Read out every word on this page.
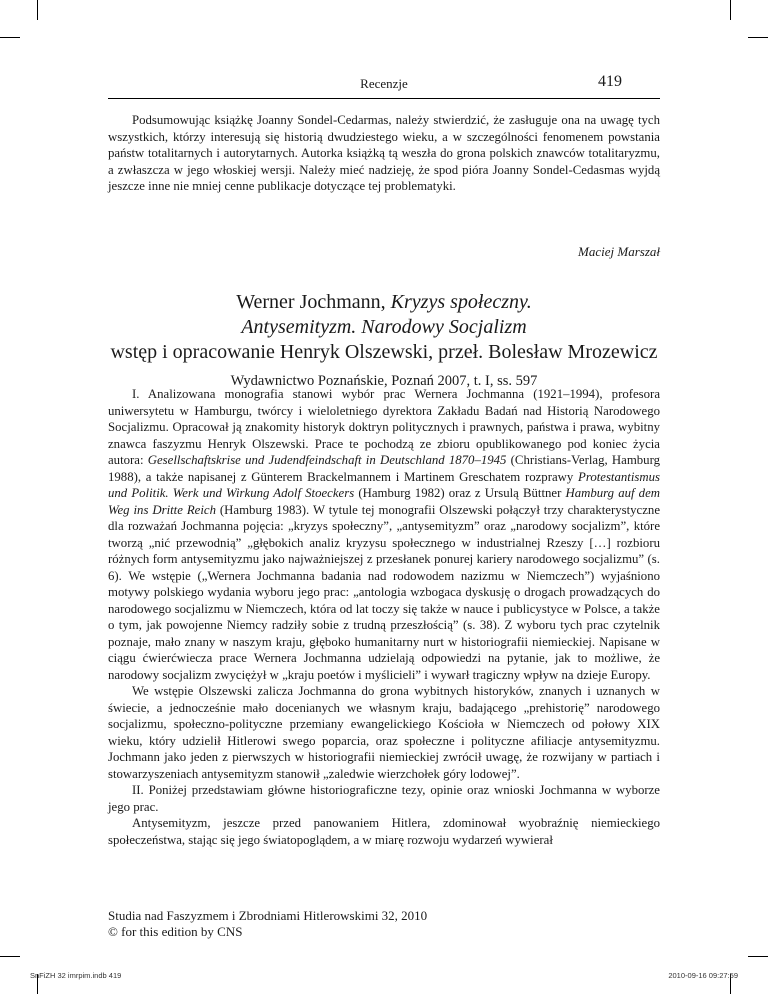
Recenzje	419

Podsumowując książkę Joanny Sondel-Cedarmas, należy stwierdzić, że zasługuje ona na uwagę tych wszystkich, którzy interesują się historią dwudziestego wieku, a w szczególności fenomenem powstania państw totalitarnych i autorytarnych. Autorka książką tą weszła do grona polskich znawców totalitaryzmu, a zwłaszcza w jego włoskiej wersji. Należy mieć nadzieję, że spod pióra Joanny Sondel-Cedasmas wyjdą jeszcze inne nie mniej cenne publikacje dotyczące tej problematyki.

Maciej Marszał
Werner Jochmann, Kryzys społeczny.
Antysemityzm. Narodowy Socjalizm
wstęp i opracowanie Henryk Olszewski, przeł. Bolesław Mrozewicz
Wydawnictwo Poznańskie, Poznań 2007, t. I, ss. 597

I. Analizowana monografia stanowi wybór prac Wernera Jochmanna (1921–1994), profesora uniwersytetu w Hamburgu, twórcy i wieloletniego dyrektora Zakładu Badań nad Historią Narodowego Socjalizmu. Opracował ją znakomity historyk doktryn politycznych i prawnych, państwa i prawa, wybitny znawca faszyzmu Henryk Olszewski. Prace te pochodzą ze zbioru opublikowanego pod koniec życia autora: Gesellschaftskrise und Judendfeindschaft in Deutschland 1870–1945 (Christians-Verlag, Hamburg 1988), a także napisanej z Günterem Brackelmannem i Martinem Greschatem rozprawy Protestantismus und Politik. Werk und Wirkung Adolf Stoeckers (Hamburg 1982) oraz z Ursulą Büttner Hamburg auf dem Weg ins Dritte Reich (Hamburg 1983). W tytule tej monografii Olszewski połączył trzy charakterystyczne dla rozważań Jochmanna pojęcia: „kryzys społeczny”, „antysemityzm” oraz „narodowy socjalizm”, które tworzą „nić przewodnią” „głębokich analiz kryzysu społecznego w industrialnej Rzeszy […] rozbioru różnych form antysemityzmu jako najważniejszej z przesłanek ponurej kariery narodowego socjalizmu” (s. 6). We wstępie („Wernera Jochmanna badania nad rodowodem nazizmu w Niemczech”) wyjaśniono motywy polskiego wydania wyboru jego prac: „antologia wzbogaca dyskusję o drogach prowadzących do narodowego socjalizmu w Niemczech, która od lat toczy się także w nauce i publicystyce w Polsce, a także o tym, jak powojenne Niemcy radziły sobie z trudną przeszłością” (s. 38). Z wyboru tych prac czytelnik poznaje, mało znany w naszym kraju, głęboko humanitarny nurt w historiografii niemieckiej. Napisane w ciągu ćwierćwiecza prace Wernera Jochmanna udzielają odpowiedzi na pytanie, jak to możliwe, że narodowy socjalizm zwyciężył w „kraju poetów i myślicieli” i wywarł tragiczny wpływ na dzieje Europy.

We wstępie Olszewski zalicza Jochmanna do grona wybitnych historyków, znanych i uznanych w świecie, a jednocześnie mało docenianych we własnym kraju, badającego „prehistorię” narodowego socjalizmu, społeczno-polityczne przemiany ewangelickiego Kościoła w Niemczech od połowy XIX wieku, który udzielił Hitlerowi swego poparcia, oraz społeczne i polityczne afiliacje antysemityzmu. Jochmann jako jeden z pierwszych w historiografii niemieckiej zwrócił uwagę, że rozwijany w partiach i stowarzyszeniach antysemityzm stanowił „zaledwie wierzchołek góry lodowej”.

II. Poniżej przedstawiam główne historiograficzne tezy, opinie oraz wnioski Jochmanna w wyborze jego prac.

Antysemityzm, jeszcze przed panowaniem Hitlera, zdominował wyobraźnię niemieckiego społeczeństwa, stając się jego światopoglądem, a w miarę rozwoju wydarzeń wywierał

Studia nad Faszyzmem i Zbrodniami Hitlerowskimi 32, 2010
© for this edition by CNS
SnFiZH 32 imrpim.indb 419	2010-09-16 09:27:59
